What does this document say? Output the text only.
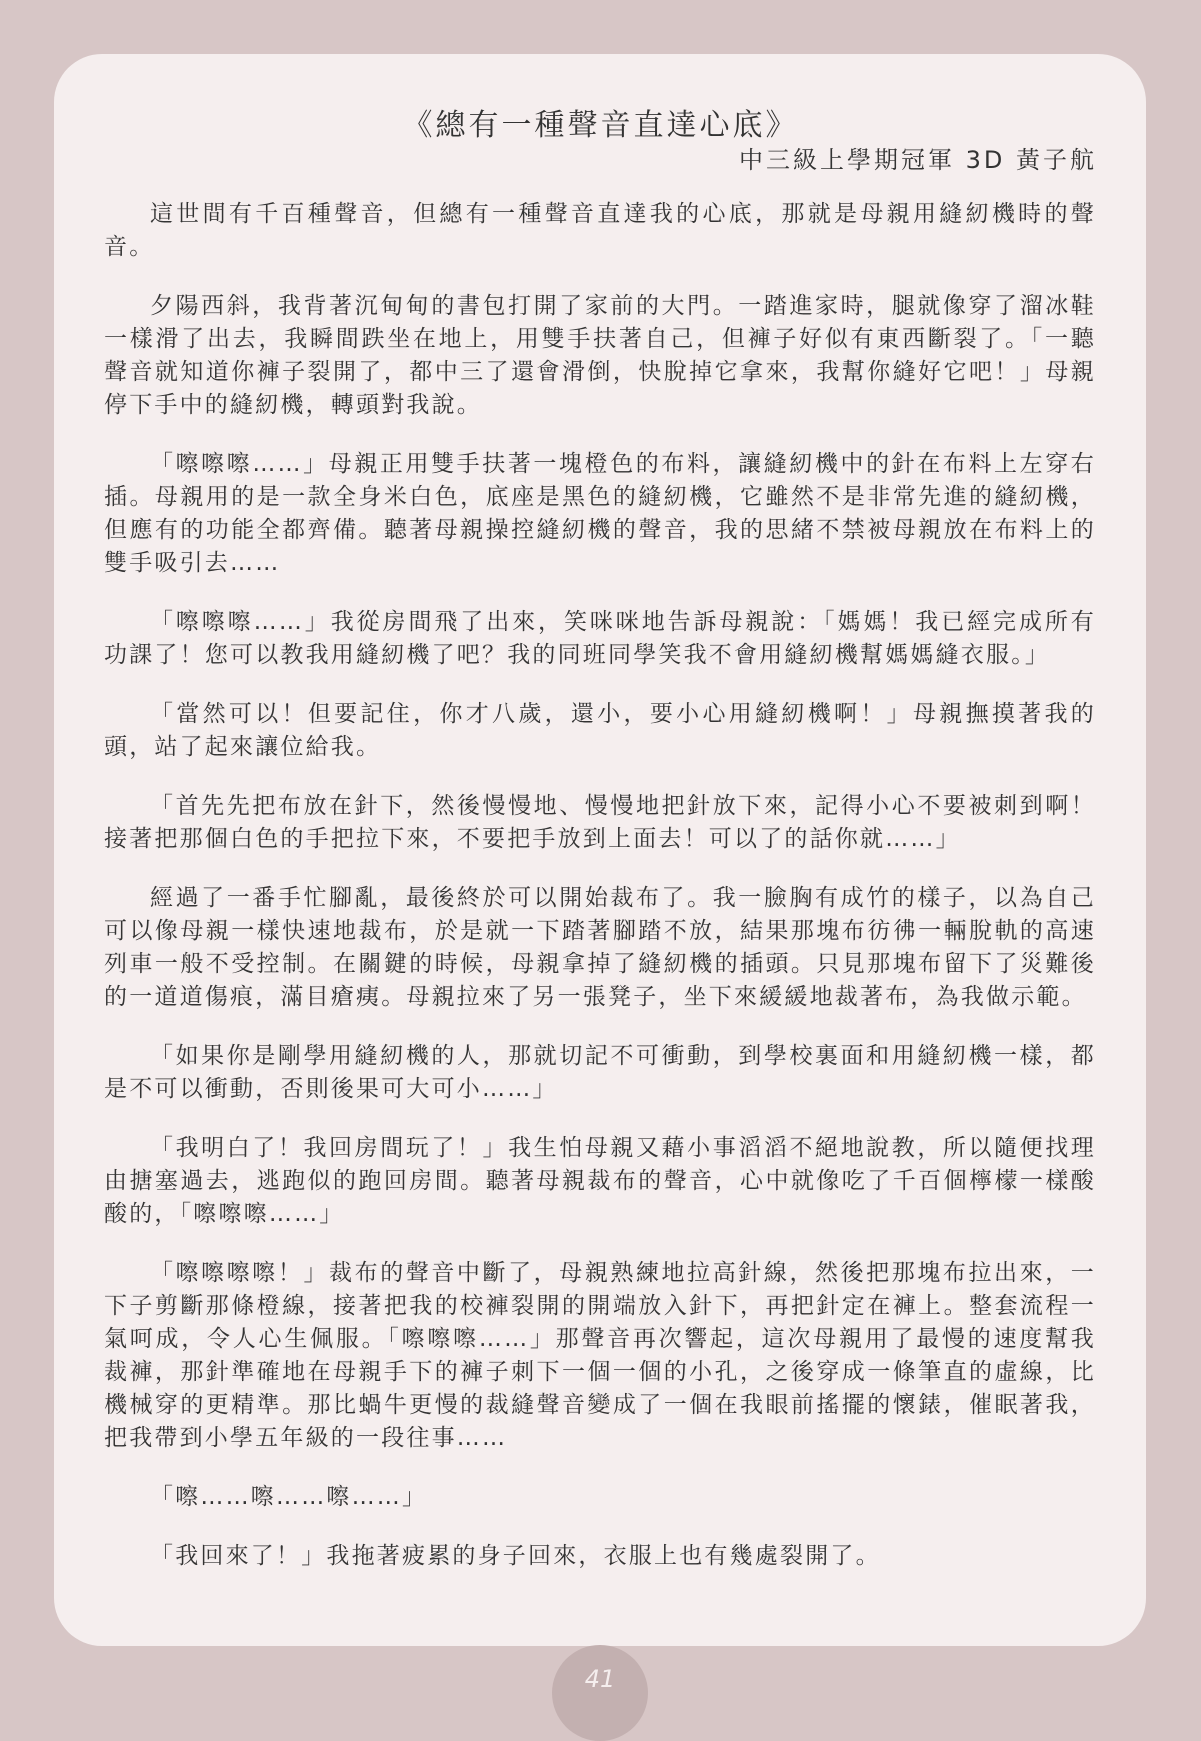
《總有一種聲音直達心底》

中三級上學期冠軍 3D 黃子航

這世間有千百種聲音，但總有一種聲音直達我的心底，那就是母親用縫紉機時的聲音。

夕陽西斜，我背著沉甸甸的書包打開了家前的大門。一踏進家時，腿就像穿了溜冰鞋一樣滑了出去，我瞬間跌坐在地上，用雙手扶著自己，但褲子好似有東西斷裂了。「一聽聲音就知道你褲子裂開了，都中三了還會滑倒，快脫掉它拿來，我幫你縫好它吧！」母親停下手中的縫紉機，轉頭對我說。

「嚓嚓嚓……」母親正用雙手扶著一塊橙色的布料，讓縫紉機中的針在布料上左穿右插。母親用的是一款全身米白色，底座是黑色的縫紉機，它雖然不是非常先進的縫紉機，但應有的功能全都齊備。聽著母親操控縫紉機的聲音，我的思緒不禁被母親放在布料上的雙手吸引去……

「嚓嚓嚓……」我從房間飛了出來，笑咪咪地告訴母親說：「媽媽！我已經完成所有功課了！您可以教我用縫紉機了吧？我的同班同學笑我不會用縫紉機幫媽媽縫衣服。」

「當然可以！但要記住，你才八歲，還小，要小心用縫紉機啊！」母親撫摸著我的頭，站了起來讓位給我。

「首先先把布放在針下，然後慢慢地、慢慢地把針放下來，記得小心不要被刺到啊！接著把那個白色的手把拉下來，不要把手放到上面去！可以了的話你就……」

經過了一番手忙腳亂，最後終於可以開始裁布了。我一臉胸有成竹的樣子，以為自己可以像母親一樣快速地裁布，於是就一下踏著腳踏不放，結果那塊布彷彿一輛脫軌的高速列車一般不受控制。在關鍵的時候，母親拿掉了縫紉機的插頭。只見那塊布留下了災難後的一道道傷痕，滿目瘡痍。母親拉來了另一張凳子，坐下來緩緩地裁著布，為我做示範。

「如果你是剛學用縫紉機的人，那就切記不可衝動，到學校裏面和用縫紉機一樣，都是不可以衝動，否則後果可大可小……」

「我明白了！我回房間玩了！」我生怕母親又藉小事滔滔不絕地說教，所以隨便找理由搪塞過去，逃跑似的跑回房間。聽著母親裁布的聲音，心中就像吃了千百個檸檬一樣酸酸的，「嚓嚓嚓……」

「嚓嚓嚓嚓！」裁布的聲音中斷了，母親熟練地拉高針線，然後把那塊布拉出來，一下子剪斷那條橙線，接著把我的校褲裂開的開端放入針下，再把針定在褲上。整套流程一氣呵成，令人心生佩服。「嚓嚓嚓……」那聲音再次響起，這次母親用了最慢的速度幫我裁褲，那針準確地在母親手下的褲子刺下一個一個的小孔，之後穿成一條筆直的虛線，比機械穿的更精準。那比蝸牛更慢的裁縫聲音變成了一個在我眼前搖擺的懷錶，催眠著我，把我帶到小學五年級的一段往事……

「嚓……嚓……嚓……」

「我回來了！」我拖著疲累的身子回來，衣服上也有幾處裂開了。

41
